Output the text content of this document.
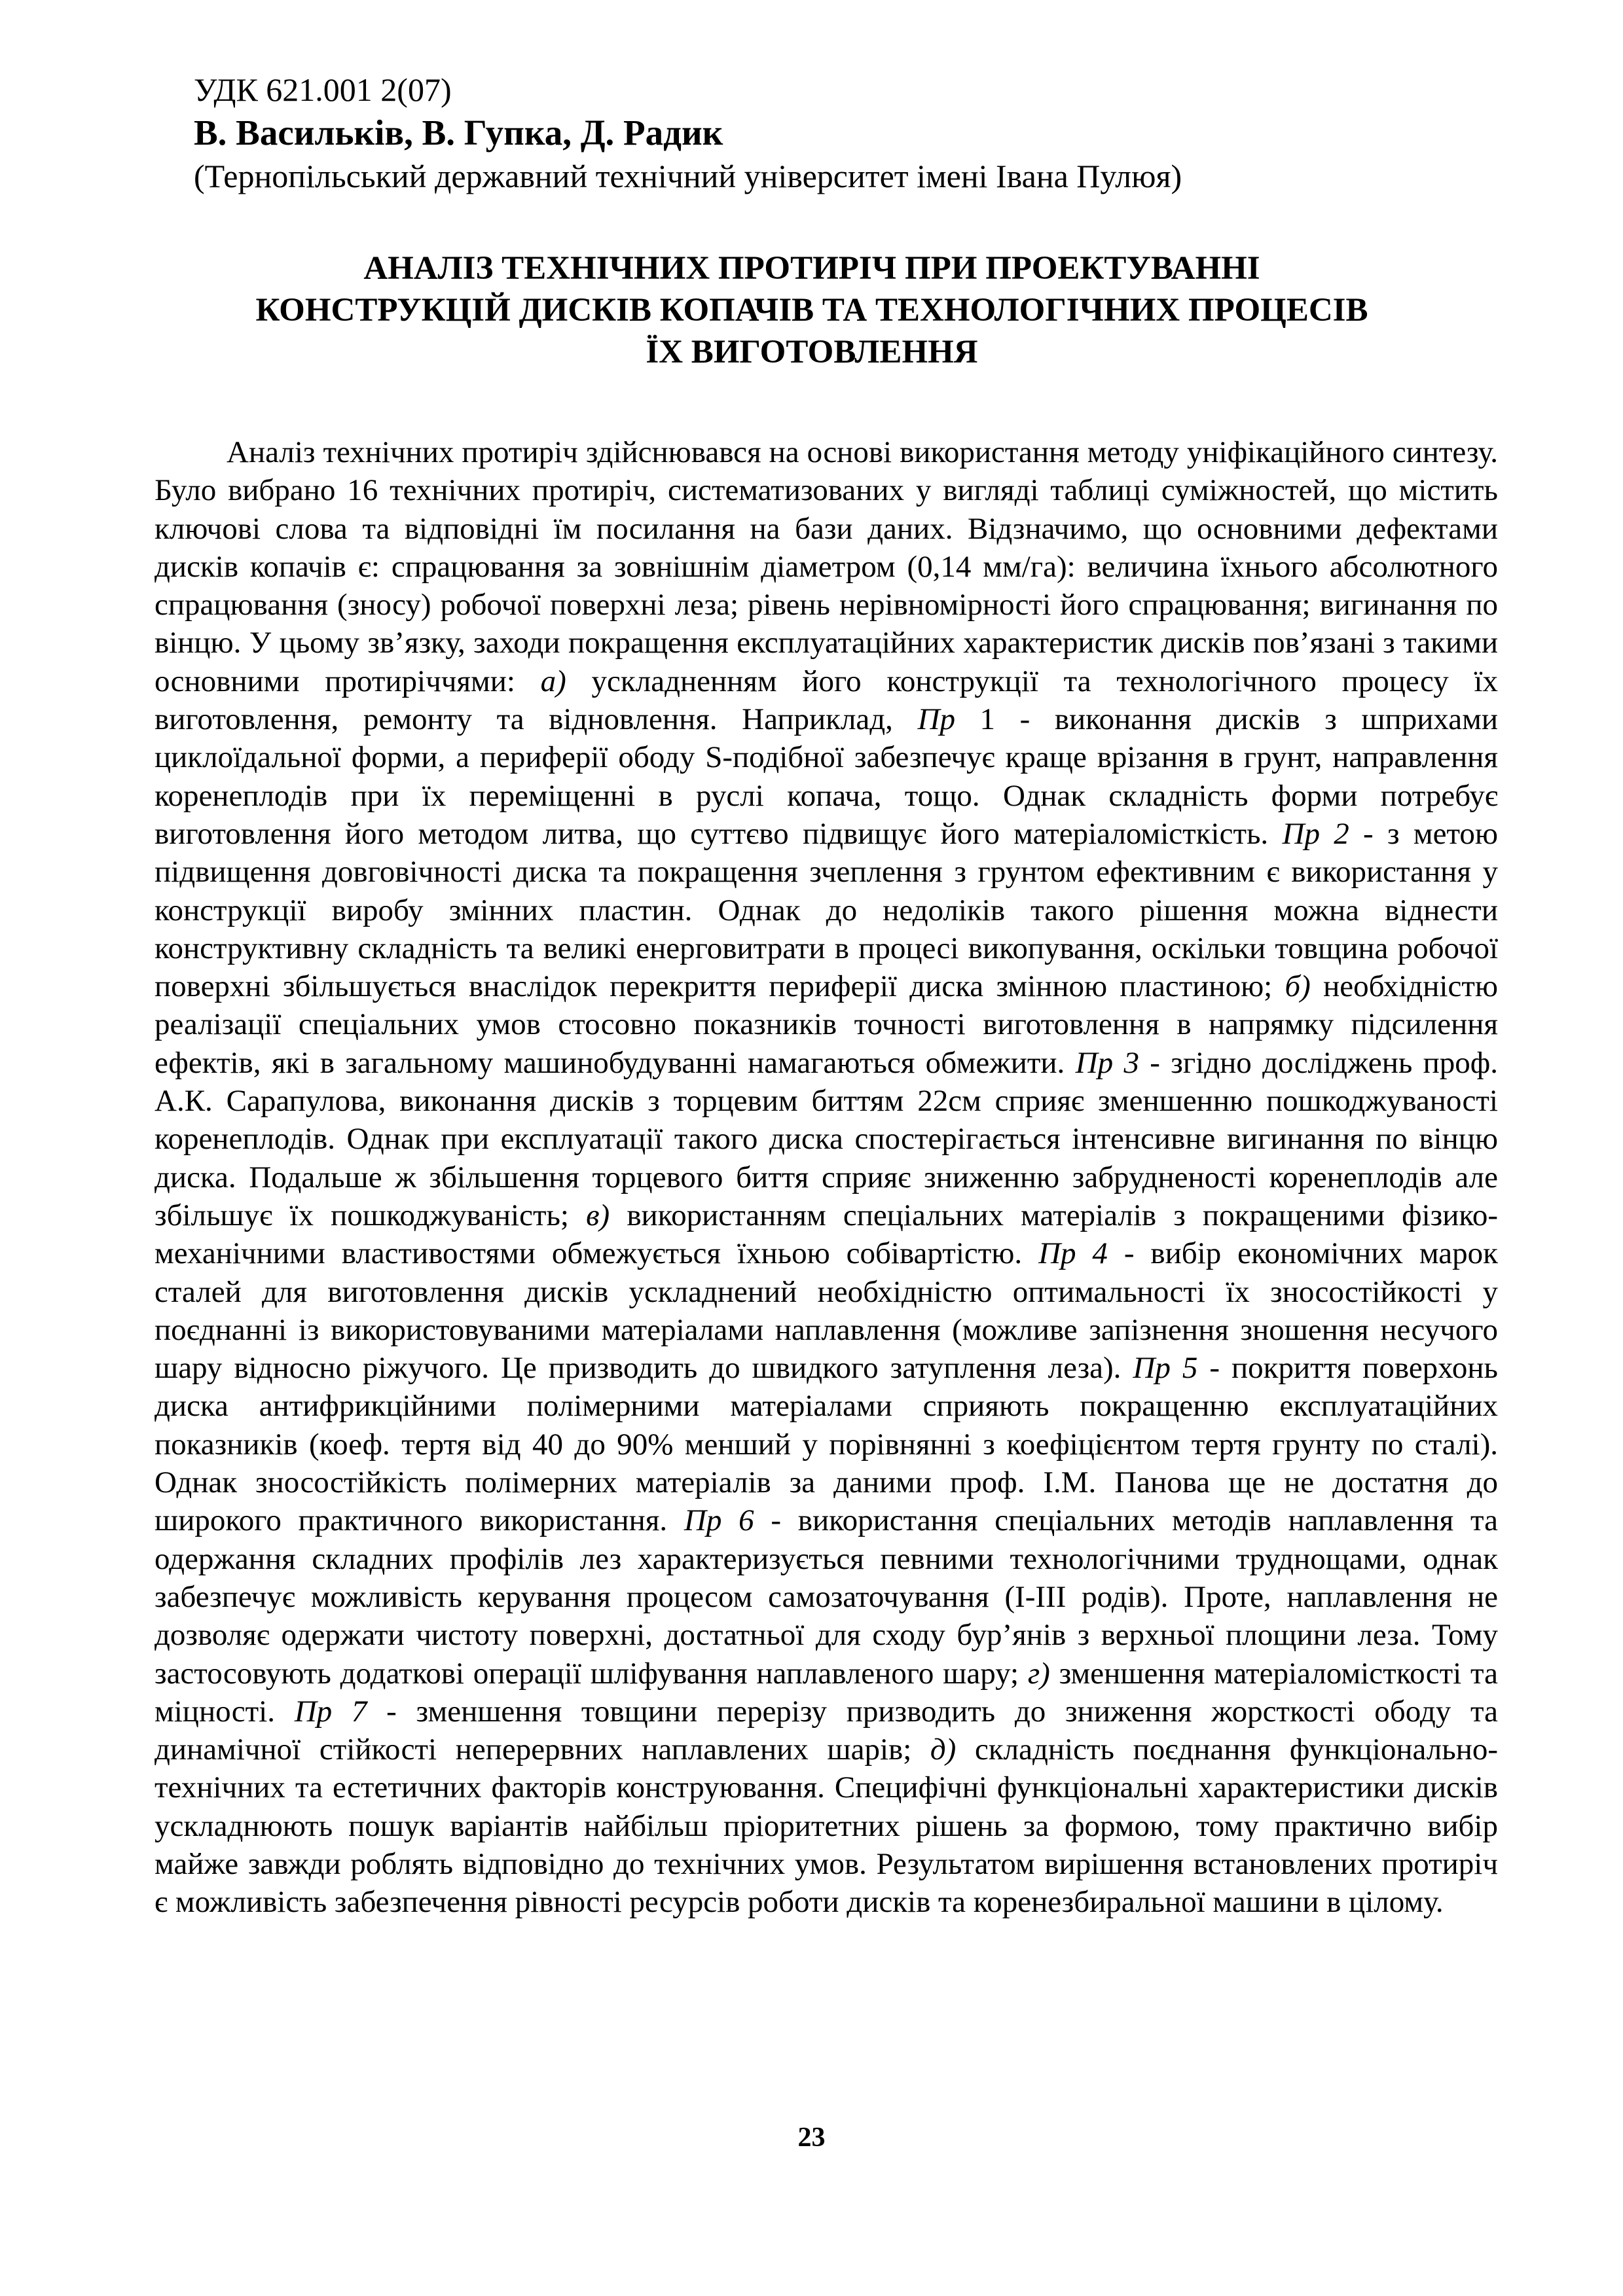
УДК 621.001 2(07)
В. Васильків, В. Гупка, Д. Радик
(Тернопільський державний технічний університет імені Івана Пулюя)
АНАЛІЗ ТЕХНІЧНИХ ПРОТИРІЧ ПРИ ПРОЕКТУВАННІ
КОНСТРУКЦІЙ ДИСКІВ КОПАЧІВ ТА ТЕХНОЛОГІЧНИХ ПРОЦЕСІВ
ЇХ ВИГОТОВЛЕННЯ

Аналіз технічних протиріч здійснювався на основі використання методу уніфікаційного синтезу. Було вибрано 16 технічних протиріч, систематизованих у вигляді таблиці суміжностей, що містить ключові слова та відповідні їм посилання на бази даних. Відзначимо, що основними дефектами дисків копачів є: спрацювання за зовнішнім діаметром (0,14 мм/га): величина їхнього абсолютного спрацювання (зносу) робочої поверхні леза; рівень нерівномірності його спрацювання; вигинання по вінцю. У цьому зв’язку, заходи покращення експлуатаційних характеристик дисків пов’язані з такими основними протиріччями: а) ускладненням його конструкції та технологічного процесу їх виготовлення, ремонту та відновлення. Наприклад, Пр 1 - виконання дисків з шприхами циклоїдальної форми, а периферії ободу S-подібної забезпечує краще врізання в грунт, направлення коренеплодів при їх переміщенні в руслі копача, тощо. Однак складність форми потребує виготовлення його методом литва, що суттєво підвищує його матеріаломісткість. Пр 2 - з метою підвищення довговічності диска та покращення зчеплення з грунтом ефективним є використання у конструкції виробу змінних пластин. Однак до недоліків такого рішення можна віднести конструктивну складність та великі енерговитрати в процесі викопування, оскільки товщина робочої поверхні збільшується внаслідок перекриття периферії диска змінною пластиною; б) необхідністю реалізації спеціальних умов стосовно показників точності виготовлення в напрямку підсилення ефектів, які в загальному машинобудуванні намагаються обмежити. Пр 3 - згідно досліджень проф. А.К. Сарапулова, виконання дисків з торцевим биттям 22см сприяє зменшенню пошкоджуваності коренеплодів. Однак при експлуатації такого диска спостерігається інтенсивне вигинання по вінцю диска. Подальше ж збільшення торцевого биття сприяє зниженню забрудненості коренеплодів але збільшує їх пошкоджуваність; в) використанням спеціальних матеріалів з покращеними фізико-механічними властивостями обмежується їхньою собівартістю. Пр 4 - вибір економічних марок сталей для виготовлення дисків ускладнений необхідністю оптимальності їх зносостійкості у поєднанні із використовуваними матеріалами наплавлення (можливе запізнення зношення несучого шару відносно ріжучого. Це призводить до швидкого затуплення леза). Пр 5 - покриття поверхонь диска антифрикційними полімерними матеріалами сприяють покращенню експлуатаційних показників (коеф. тертя від 40 до 90% менший у порівнянні з коефіцієнтом тертя грунту по сталі). Однак зносостійкість полімерних матеріалів за даними проф. І.М. Панова ще не достатня до широкого практичного використання. Пр 6 - використання спеціальних методів наплавлення та одержання складних профілів лез характеризується певними технологічними труднощами, однак забезпечує можливість керування процесом самозаточування (I-III родів). Проте, наплавлення не дозволяє одержати чистоту поверхні, достатньої для сходу бур’янів з верхньої площини леза. Тому застосовують додаткові операції шліфування наплавленого шару; г) зменшення матеріаломісткості та міцності. Пр 7 - зменшення товщини перерізу призводить до зниження жорсткості ободу та динамічної стійкості неперервних наплавлених шарів; д) складність поєднання функціонально-технічних та естетичних факторів конструювання. Специфічні функціональні характеристики дисків ускладнюють пошук варіантів найбільш пріоритетних рішень за формою, тому практично вибір майже завжди роблять відповідно до технічних умов. Результатом вирішення встановлених протиріч є можливість забезпечення рівності ресурсів роботи дисків та коренезбиральної машини в цілому.

23
